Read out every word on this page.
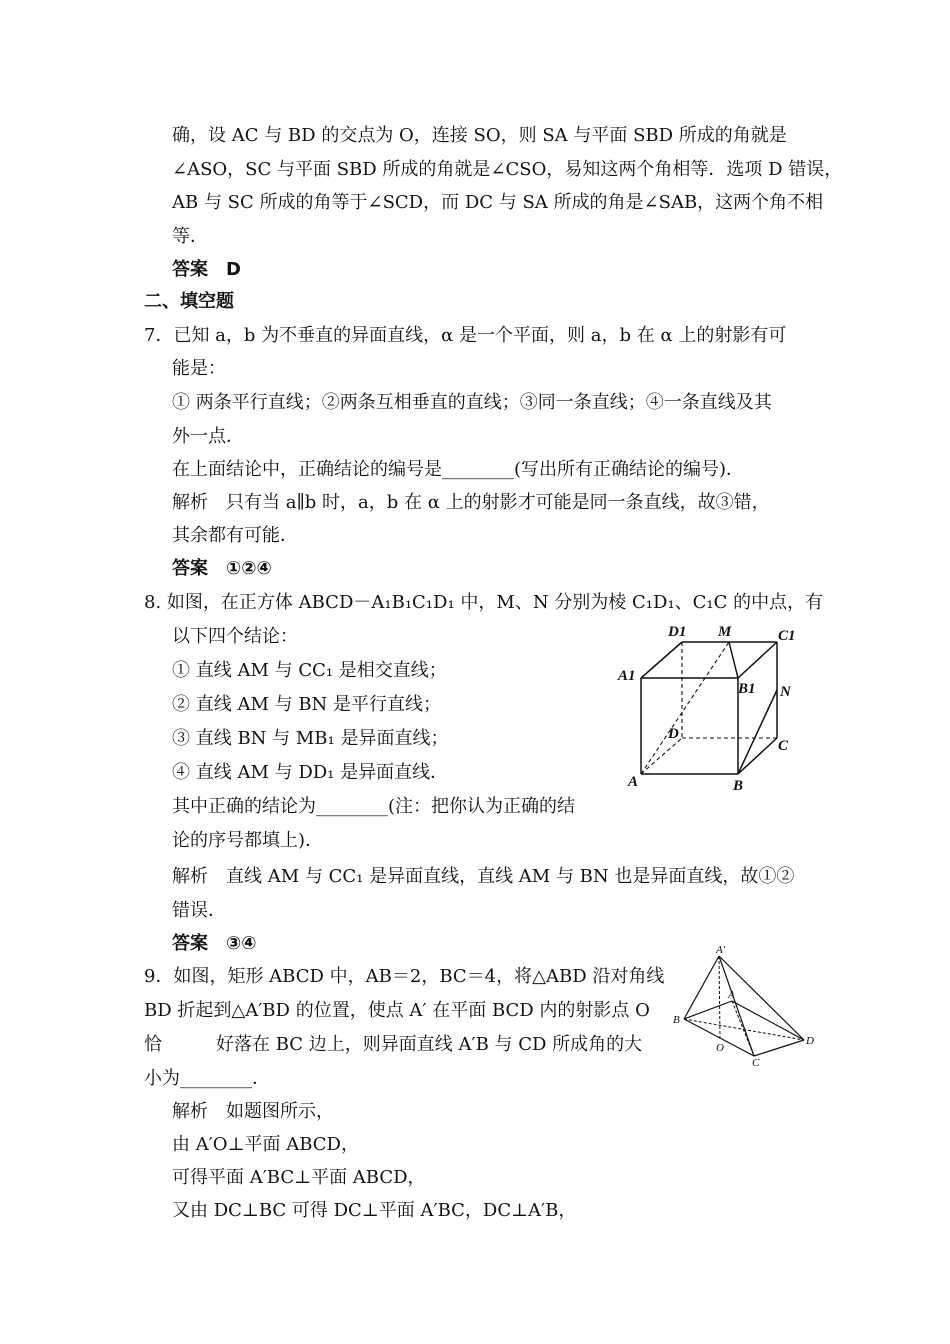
确，设 AC 与 BD 的交点为 O，连接 SO，则 SA 与平面 SBD 所成的角就是
∠ASO，SC 与平面 SBD 所成的角就是∠CSO，易知这两个角相等．选项 D 错误，
AB 与 SC 所成的角等于∠SCD，而 DC 与 SA 所成的角是∠SAB，这两个角不相
等．
答案　D
二、填空题
7．已知 a，b 为不垂直的异面直线，α 是一个平面，则 a，b 在 α 上的射影有可
能是：
① 两条平行直线；②两条互相垂直的直线；③同一条直线；④一条直线及其
外一点．
在上面结论中，正确结论的编号是________(写出所有正确结论的编号)．
解析　只有当 a∥b 时，a，b 在 α 上的射影才可能是同一条直线，故③错，
其余都有可能．
答案　①②④
8. 如图，在正方体 ABCD－A₁B₁C₁D₁ 中，M、N 分别为棱 C₁D₁、C₁C 的中点，有
以下四个结论：
① 直线 AM 与 CC₁ 是相交直线；
② 直线 AM 与 BN 是平行直线；
③ 直线 BN 与 MB₁ 是异面直线；
④ 直线 AM 与 DD₁ 是异面直线．
其中正确的结论为________(注：把你认为正确的结
论的序号都填上)．
解析　直线 AM 与 CC₁ 是异面直线，直线 AM 与 BN 也是异面直线，故①②
错误．
答案　③④
9．如图，矩形 ABCD 中，AB＝2，BC＝4，将△ABD 沿对角线
BD 折起到△A′BD 的位置，使点 A′ 在平面 BCD 内的射影点 O
恰　　　好落在 BC 边上，则异面直线 A′B 与 CD 所成角的大
小为________．
解析　如题图所示，
由 A′O⊥平面 ABCD，
可得平面 A′BC⊥平面 ABCD，
又由 DC⊥BC 可得 DC⊥平面 A′BC，DC⊥A′B，
D1 M	C1
A1
B1 N
D
C
A	B
A′
A
B
D
O
C
